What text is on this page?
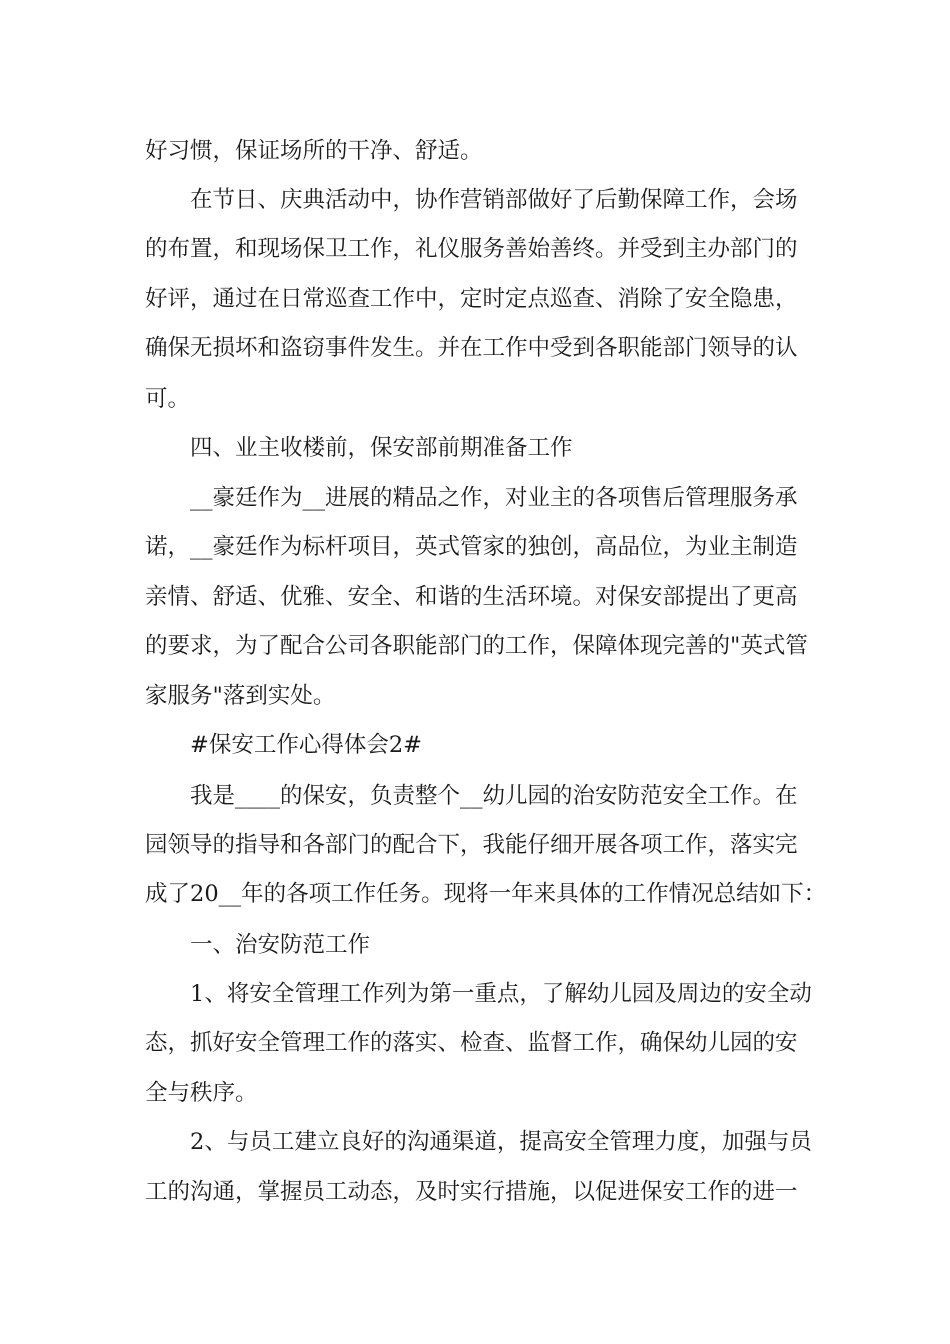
好习惯，保证场所的干净、舒适。
在节日、庆典活动中，协作营销部做好了后勤保障工作，会场
的布置，和现场保卫工作，礼仪服务善始善终。并受到主办部门的
好评，通过在日常巡查工作中，定时定点巡查、消除了安全隐患，
确保无损坏和盗窃事件发生。并在工作中受到各职能部门领导的认
可。
四、业主收楼前，保安部前期准备工作
__豪廷作为__进展的精品之作，对业主的各项售后管理服务承
诺，__豪廷作为标杆项目，英式管家的独创，高品位，为业主制造
亲情、舒适、优雅、安全、和谐的生活环境。对保安部提出了更高
的要求，为了配合公司各职能部门的工作，保障体现完善的"英式管
家服务"落到实处。
#保安工作心得体会2#
我是____的保安，负责整个__幼儿园的治安防范安全工作。在
园领导的指导和各部门的配合下，我能仔细开展各项工作，落实完
成了20__年的各项工作任务。现将一年来具体的工作情况总结如下：
一、治安防范工作
1、将安全管理工作列为第一重点，了解幼儿园及周边的安全动
态，抓好安全管理工作的落实、检查、监督工作，确保幼儿园的安
全与秩序。
2、与员工建立良好的沟通渠道，提高安全管理力度，加强与员
工的沟通，掌握员工动态，及时实行措施，以促进保安工作的进一
